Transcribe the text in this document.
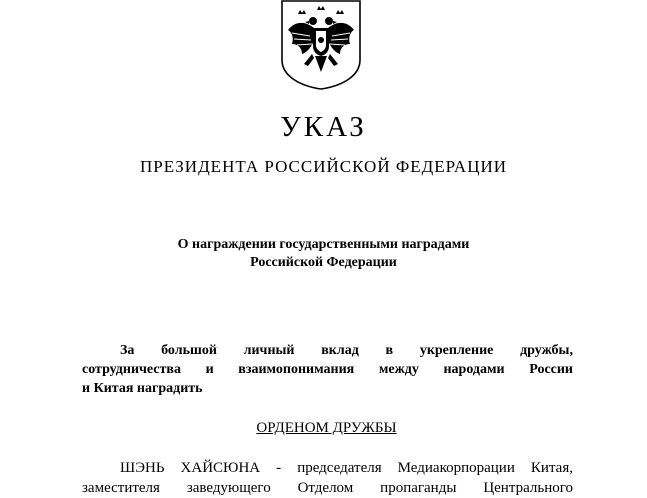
УКАЗ
ПРЕЗИДЕНТА РОССИЙСКОЙ ФЕДЕРАЦИИ
О награждении государственными наградами
Российской Федерации
За большой личный вклад в укрепление дружбы,
сотрудничества и взаимопонимания между народами России
и Китая наградить
ОРДЕНОМ ДРУЖБЫ
ШЭНЬ ХАЙСЮНА - председателя Медиакорпорации Китая,
заместителя заведующего Отделом пропаганды Центрального
